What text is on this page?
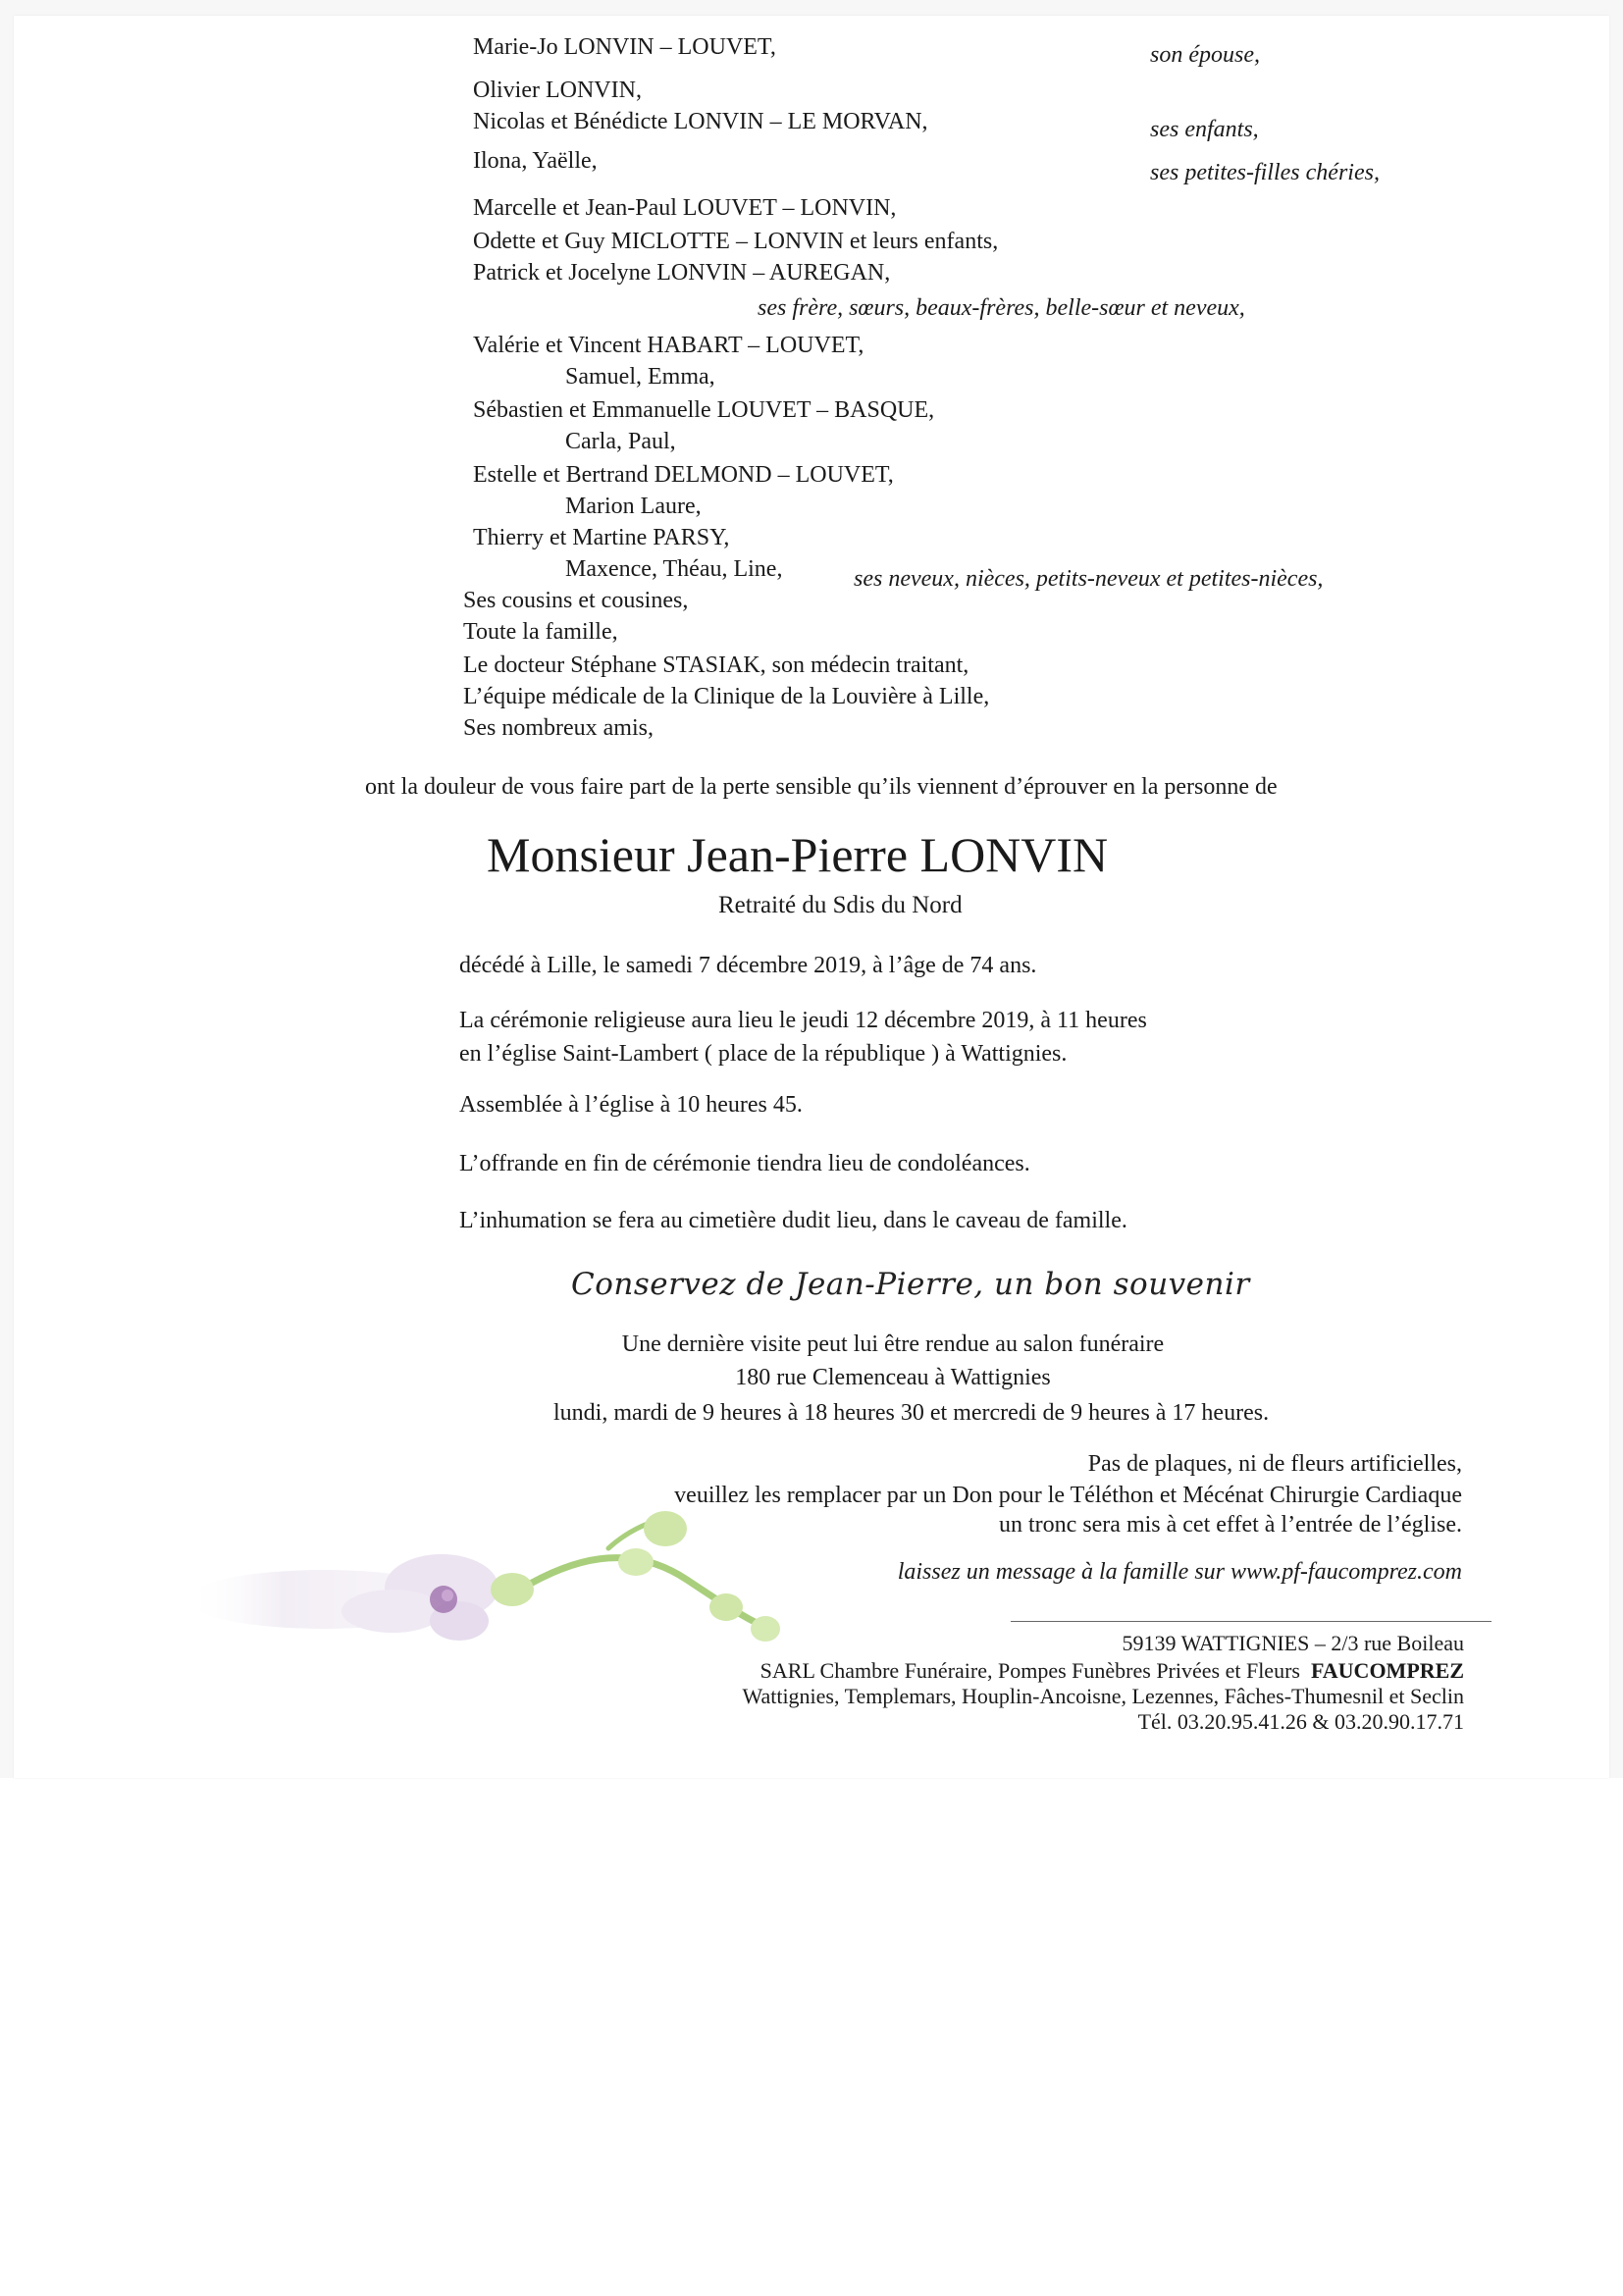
Marie-Jo LONVIN – LOUVET,	son épouse,
Olivier LONVIN,
Nicolas et Bénédicte LONVIN – LE MORVAN,	ses enfants,
Ilona, Yaëlle,	ses petites-filles chéries,
Marcelle et Jean-Paul LOUVET – LONVIN,
Odette et Guy MICLOTTE – LONVIN et leurs enfants,
Patrick et Jocelyne LONVIN – AUREGAN,
ses frère, sœurs, beaux-frères, belle-sœur et neveux,
Valérie et Vincent HABART – LOUVET,
Samuel, Emma,
Sébastien et Emmanuelle LOUVET – BASQUE,
Carla, Paul,
Estelle et Bertrand DELMOND – LOUVET,
Marion Laure,
Thierry et Martine PARSY,
Maxence, Théau, Line,	ses neveux, nièces, petits-neveux et petites-nièces,
Ses cousins et cousines,
Toute la famille,
Le docteur Stéphane STASIAK, son médecin traitant,
L’équipe médicale de la Clinique de la Louvière à Lille,
Ses nombreux amis,
ont la douleur de vous faire part de la perte sensible qu’ils viennent d’éprouver en la personne de
Monsieur Jean-Pierre LONVIN
Retraité du Sdis du Nord
décédé à Lille, le samedi 7 décembre 2019, à l’âge de 74 ans.
La cérémonie religieuse aura lieu le jeudi 12 décembre 2019, à 11 heures
en l’église Saint-Lambert ( place de la république ) à Wattignies.
Assemblée à l’église à 10 heures 45.
L’offrande en fin de cérémonie tiendra lieu de condoléances.
L’inhumation se fera au cimetière dudit lieu, dans le caveau de famille.
Conservez de Jean-Pierre, un bon souvenir
Une dernière visite peut lui être rendue au salon funéraire
180 rue Clemenceau à Wattignies
lundi, mardi de 9 heures à 18 heures 30 et mercredi de 9 heures à 17 heures.
Pas de plaques, ni de fleurs artificielles,
veuillez les remplacer par un Don pour le Téléthon et Mécénat Chirurgie Cardiaque
un tronc sera mis à cet effet à l’entrée de l’église.
laissez un message à la famille sur www.pf-faucomprez.com
59139 WATTIGNIES – 2/3 rue Boileau
SARL Chambre Funéraire, Pompes Funèbres Privées et Fleurs FAUCOMPREZ
Wattignies, Templemars, Houplin-Ancoisne, Lezennes, Fâches-Thumesnil et Seclin
Tél. 03.20.95.41.26 & 03.20.90.17.71
